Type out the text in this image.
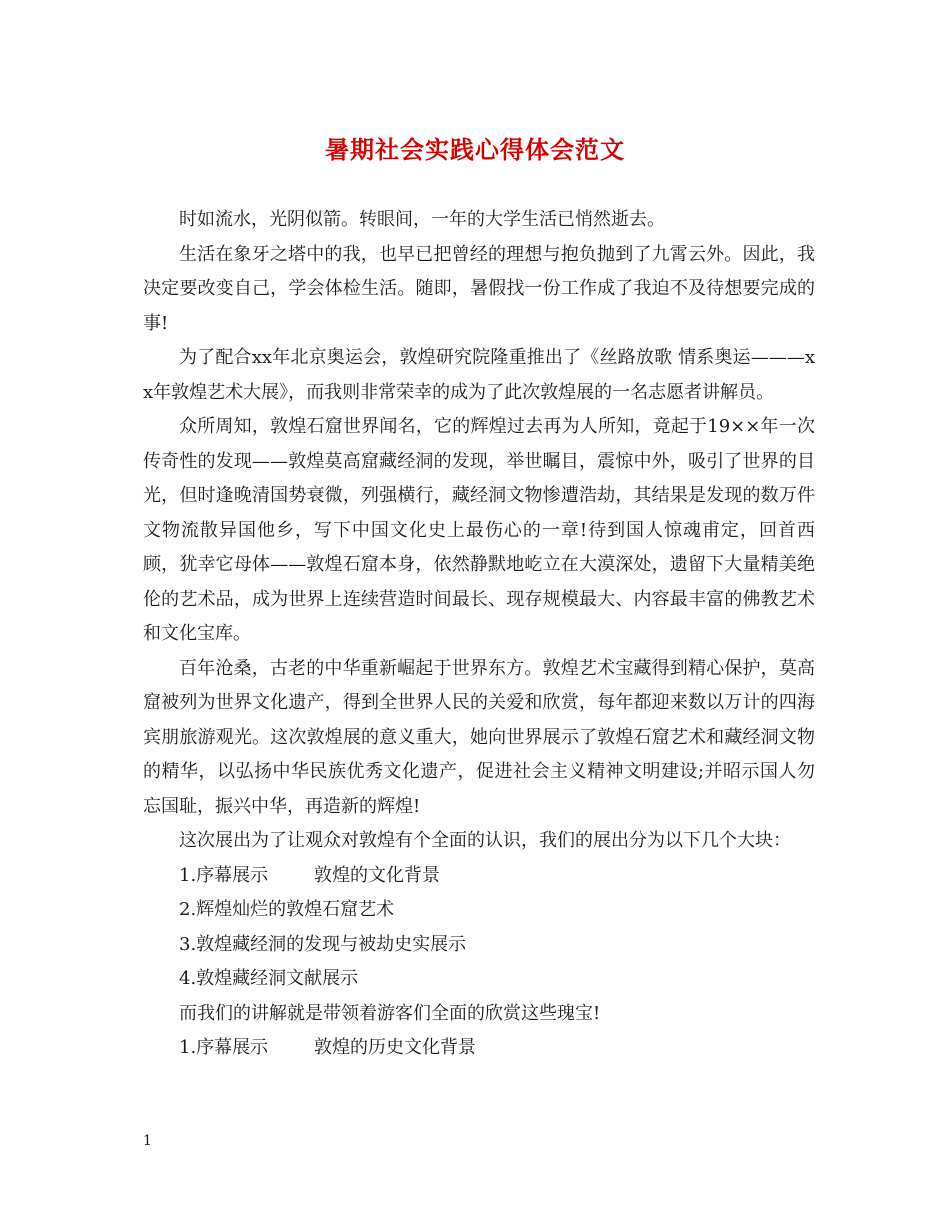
暑期社会实践心得体会范文

时如流水，光阴似箭。转眼间，一年的大学生活已悄然逝去。

生活在象牙之塔中的我，也早已把曾经的理想与抱负抛到了九霄云外。因此，我决定要改变自己，学会体检生活。随即，暑假找一份工作成了我迫不及待想要完成的事!

为了配合xx年北京奥运会，敦煌研究院隆重推出了《丝路放歌 情系奥运———xx年敦煌艺术大展》，而我则非常荣幸的成为了此次敦煌展的一名志愿者讲解员。

众所周知，敦煌石窟世界闻名，它的辉煌过去再为人所知，竟起于19××年一次传奇性的发现——敦煌莫高窟藏经洞的发现，举世瞩目，震惊中外，吸引了世界的目光，但时逢晚清国势衰微，列强横行，藏经洞文物惨遭浩劫，其结果是发现的数万件文物流散异国他乡，写下中国文化史上最伤心的一章!待到国人惊魂甫定，回首西顾，犹幸它母体——敦煌石窟本身，依然静默地屹立在大漠深处，遗留下大量精美绝伦的艺术品，成为世界上连续营造时间最长、现存规模最大、内容最丰富的佛教艺术和文化宝库。

百年沧桑，古老的中华重新崛起于世界东方。敦煌艺术宝藏得到精心保护，莫高窟被列为世界文化遗产，得到全世界人民的关爱和欣赏，每年都迎来数以万计的四海宾朋旅游观光。这次敦煌展的意义重大，她向世界展示了敦煌石窟艺术和藏经洞文物的精华，以弘扬中华民族优秀文化遗产，促进社会主义精神文明建设;并昭示国人勿忘国耻，振兴中华，再造新的辉煌!

这次展出为了让观众对敦煌有个全面的认识，我们的展出分为以下几个大块：

1.序幕展示        敦煌的文化背景
2.辉煌灿烂的敦煌石窟艺术
3.敦煌藏经洞的发现与被劫史实展示
4.敦煌藏经洞文献展示

而我们的讲解就是带领着游客们全面的欣赏这些瑰宝!

1.序幕展示        敦煌的历史文化背景
1
